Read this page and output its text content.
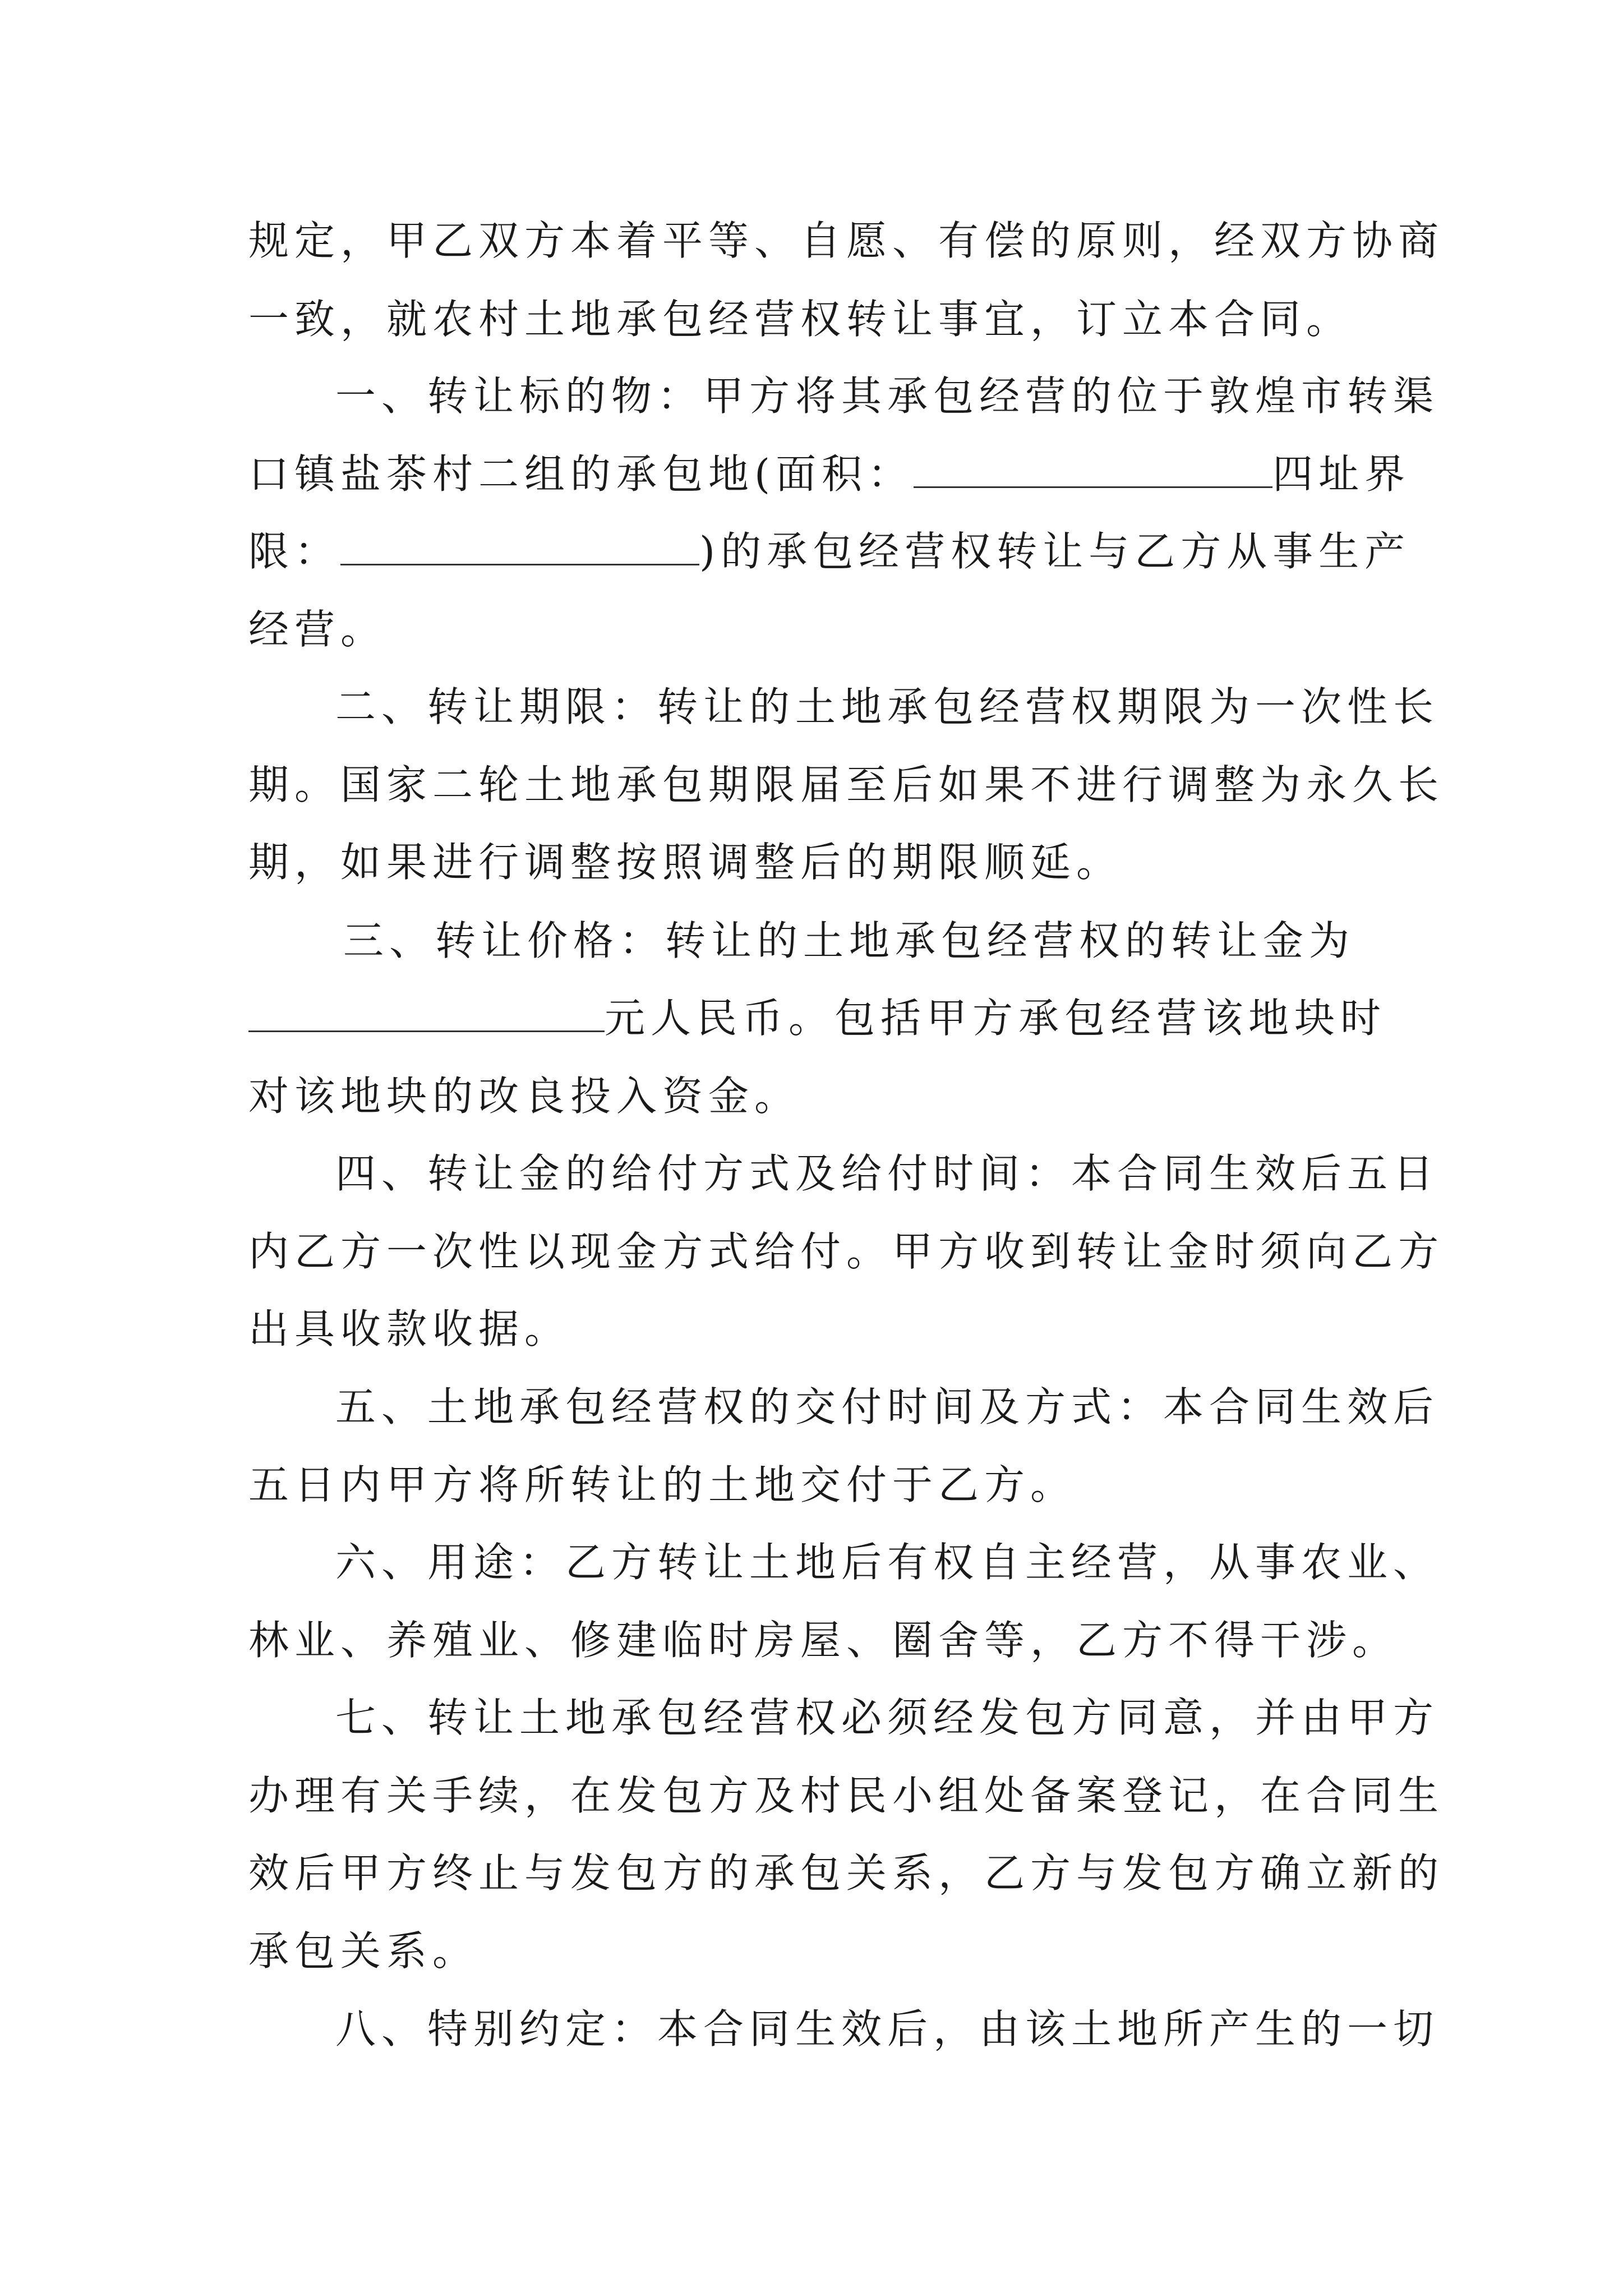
规定，甲乙双方本着平等、自愿、有偿的原则，经双方协商
一致，就农村土地承包经营权转让事宜，订立本合同。
一、转让标的物：甲方将其承包经营的位于敦煌市转渠
口镇盐茶村二组的承包地(面积：	四址界
限：	)的承包经营权转让与乙方从事生产
经营。
二、转让期限：转让的土地承包经营权期限为一次性长
期。国家二轮土地承包期限届至后如果不进行调整为永久长
期，如果进行调整按照调整后的期限顺延。
三、转让价格：转让的土地承包经营权的转让金为
元人民币。包括甲方承包经营该地块时
对该地块的改良投入资金。
四、转让金的给付方式及给付时间：本合同生效后五日
内乙方一次性以现金方式给付。甲方收到转让金时须向乙方
出具收款收据。
五、土地承包经营权的交付时间及方式：本合同生效后
五日内甲方将所转让的土地交付于乙方。
六、用途：乙方转让土地后有权自主经营，从事农业、
林业、养殖业、修建临时房屋、圈舍等，乙方不得干涉。
七、转让土地承包经营权必须经发包方同意，并由甲方
办理有关手续，在发包方及村民小组处备案登记，在合同生
效后甲方终止与发包方的承包关系，乙方与发包方确立新的
承包关系。
八、特别约定：本合同生效后，由该土地所产生的一切
